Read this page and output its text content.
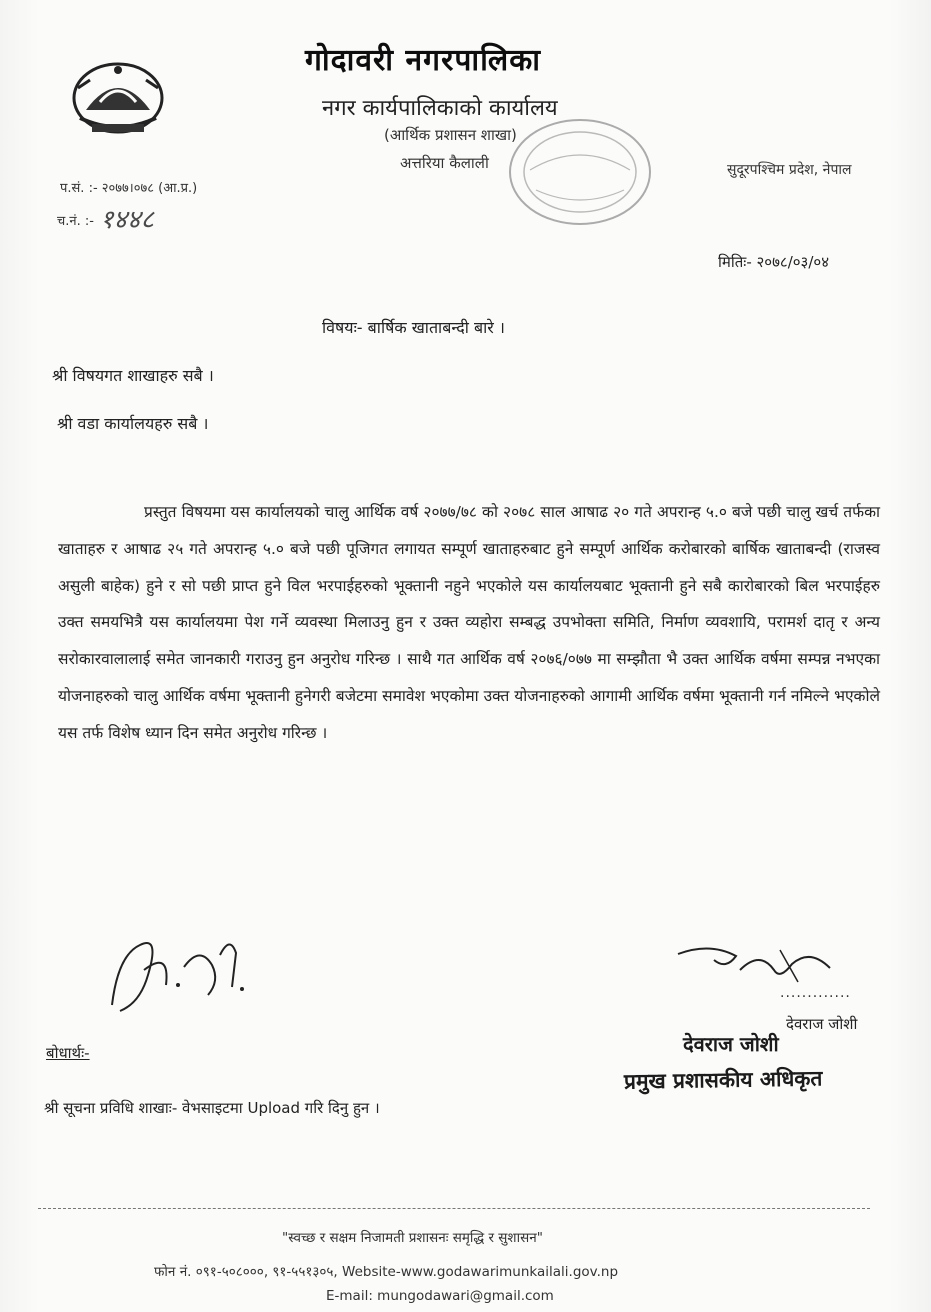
गोदावरी नगरपालिका
नगर कार्यपालिकाको कार्यालय
(आर्थिक प्रशासन शाखा)
अत्तरिया कैलाली	सुदूरपश्चिम प्रदेश, नेपाल
प.सं. :- २०७७।०७८ (आ.प्र.)
च.नं. :- १४४८
मितिः- २०७८/०३/०४
विषयः- बार्षिक खाताबन्दी बारे ।
श्री विषयगत शाखाहरु सबै ।
श्री वडा कार्यालयहरु सबै ।
प्रस्तुत विषयमा यस कार्यालयको चालु आर्थिक वर्ष २०७७/७८ को २०७८ साल आषाढ २० गते अपरान्ह ५.० बजे पछी चालु खर्च तर्फका खाताहरु र आषाढ २५ गते अपरान्ह ५.० बजे पछी पूजिगत लगायत सम्पूर्ण खाताहरुबाट हुने सम्पूर्ण आर्थिक करोबारको बार्षिक खाताबन्दी (राजस्व असुली बाहेक) हुने र सो पछी प्राप्त हुने विल भरपाईहरुको भूक्तानी नहुने भएकोले यस कार्यालयबाट भूक्तानी हुने सबै कारोबारको बिल भरपाईहरु उक्त समयभित्रै यस कार्यालयमा पेश गर्ने व्यवस्था मिलाउनु हुन र उक्त व्यहोरा सम्बद्ध उपभोक्ता समिति, निर्माण व्यवशायि, परामर्श दातृ र अन्य सरोकारवालालाई समेत जानकारी गराउनु हुन अनुरोध गरिन्छ । साथै गत आर्थिक वर्ष २०७६/०७७ मा सम्झौता भै उक्त आर्थिक वर्षमा सम्पन्न नभएका योजनाहरुको चालु आर्थिक वर्षमा भूक्तानी हुनेगरी बजेटमा समावेश भएकोमा उक्त योजनाहरुको आगामी आर्थिक वर्षमा भूक्तानी गर्न नमिल्ने भएकोले यस तर्फ विशेष ध्यान दिन समेत अनुरोध गरिन्छ ।
.............
देवराज जोशी
देवराज जोशी
प्रमुख प्रशासकीय अधिकृत
बोधार्थः-
श्री सूचना प्रविधि शाखाः- वेभसाइटमा Upload गरि दिनु हुन ।
"स्वच्छ र सक्षम निजामती प्रशासनः समृद्धि र सुशासन"
फोन नं. ०९१-५०८०००, ९१-५५१३०५, Website-www.godawarimunkailali.gov.np
E-mail: mungodawari@gmail.com
